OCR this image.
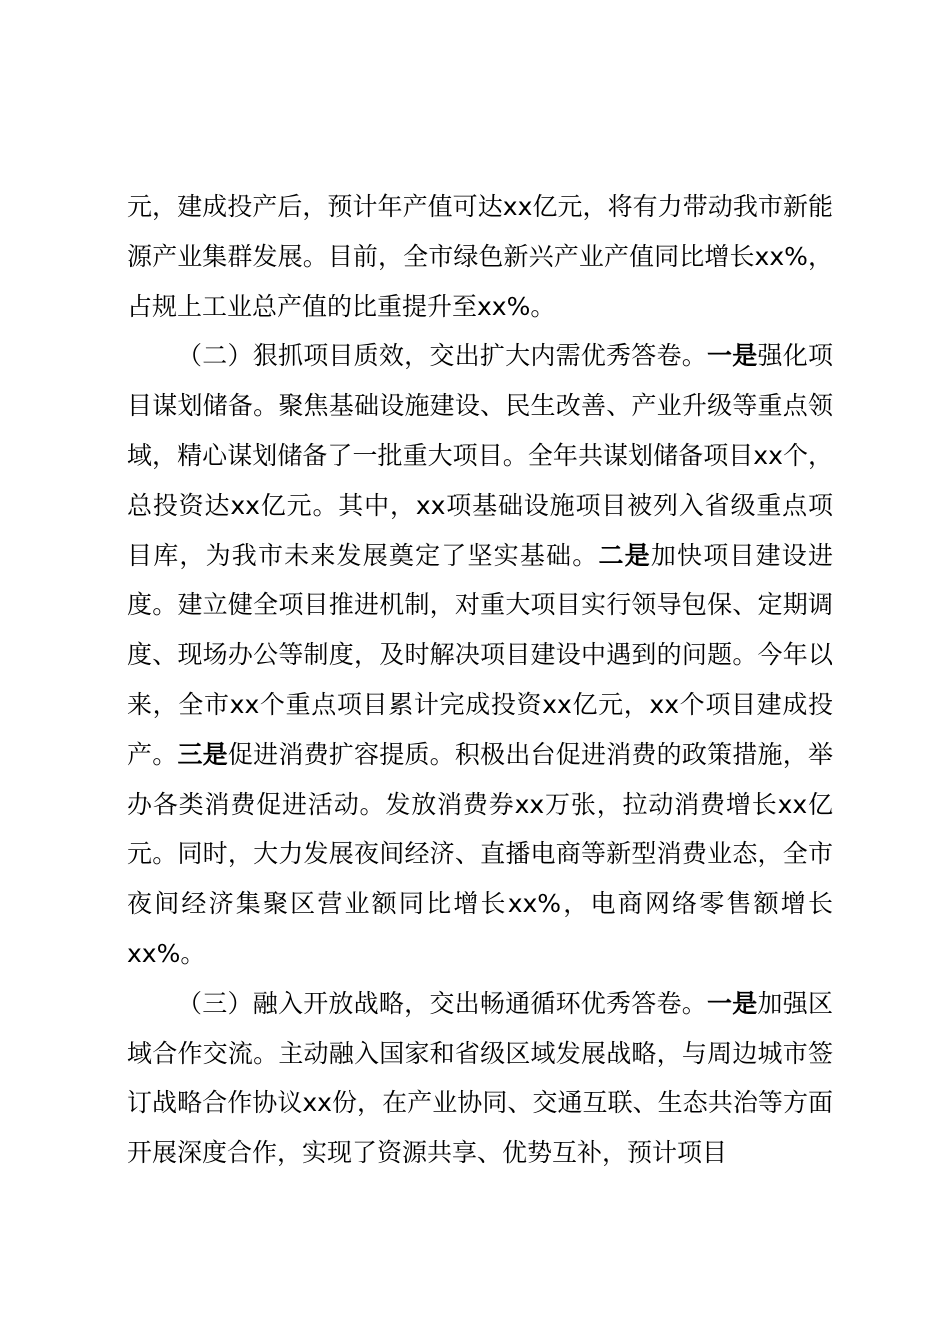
元，建成投产后，预计年产值可达xx亿元，将有力带动我市新能源产业集群发展。目前，全市绿色新兴产业产值同比增长xx%，占规上工业总产值的比重提升至xx%。

（二）狠抓项目质效，交出扩大内需优秀答卷。一是强化项目谋划储备。聚焦基础设施建设、民生改善、产业升级等重点领域，精心谋划储备了一批重大项目。全年共谋划储备项目xx个，总投资达xx亿元。其中，xx项基础设施项目被列入省级重点项目库，为我市未来发展奠定了坚实基础。二是加快项目建设进度。建立健全项目推进机制，对重大项目实行领导包保、定期调度、现场办公等制度，及时解决项目建设中遇到的问题。今年以来，全市xx个重点项目累计完成投资xx亿元，xx个项目建成投产。三是促进消费扩容提质。积极出台促进消费的政策措施，举办各类消费促进活动。发放消费券xx万张，拉动消费增长xx亿元。同时，大力发展夜间经济、直播电商等新型消费业态，全市夜间经济集聚区营业额同比增长xx%，电商网络零售额增长xx%。

（三）融入开放战略，交出畅通循环优秀答卷。一是加强区域合作交流。主动融入国家和省级区域发展战略，与周边城市签订战略合作协议xx份，在产业协同、交通互联、生态共治等方面开展深度合作，实现了资源共享、优势互补，预计项目
